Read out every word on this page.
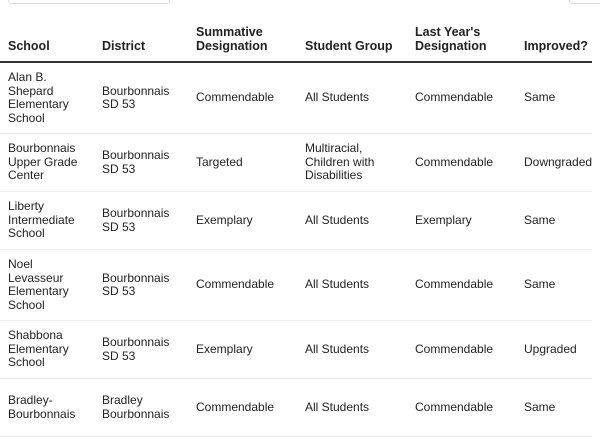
School	District	Summative Designation	Student Group	Last Year's Designation	Improved?
Alan B. Shepard Elementary School	Bourbonnais SD 53	Commendable	All Students	Commendable	Same
Bourbonnais Upper Grade Center	Bourbonnais SD 53	Targeted	Multiracial, Children with Disabilities	Commendable	Downgraded
Liberty Intermediate School	Bourbonnais SD 53	Exemplary	All Students	Exemplary	Same
Noel Levasseur Elementary School	Bourbonnais SD 53	Commendable	All Students	Commendable	Same
Shabbona Elementary School	Bourbonnais SD 53	Exemplary	All Students	Commendable	Upgraded
Bradley-Bourbonnais	Bradley Bourbonnais	Commendable	All Students	Commendable	Same
